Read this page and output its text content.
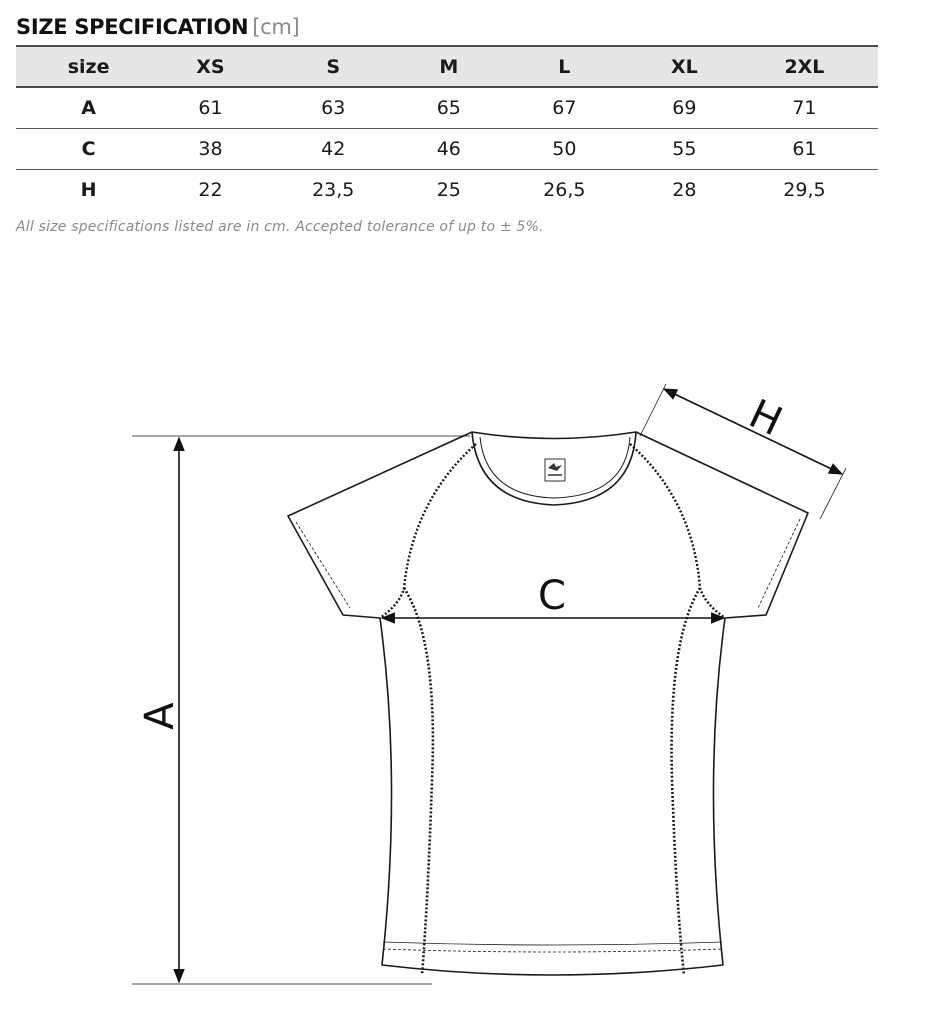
SIZE SPECIFICATION [cm]
size	XS	S	M	L	XL	2XL
A	61	63	65	67	69	71
C	38	42	46	50	55	61
H	22	23,5	25	26,5	28	29,5
All size specifications listed are in cm. Accepted tolerance of up to ± 5%.
A
C
H
